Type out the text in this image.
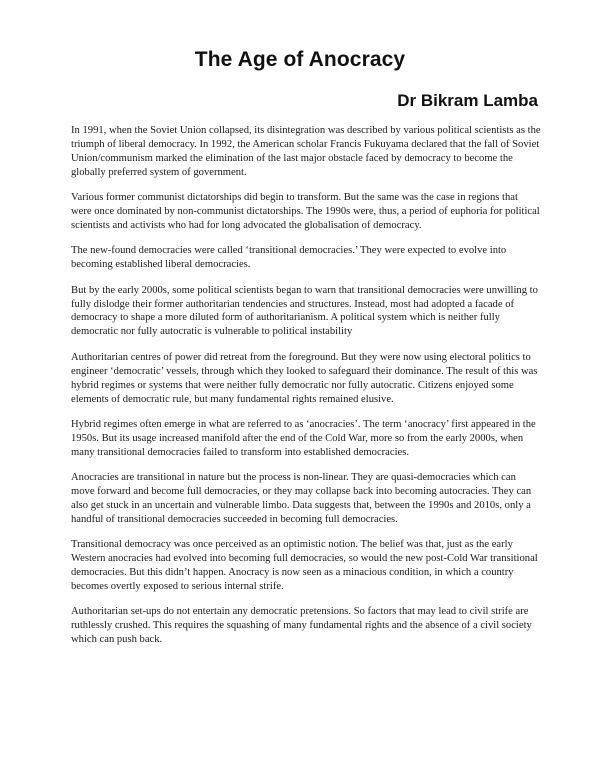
The Age of Anocracy
Dr Bikram Lamba

In 1991, when the Soviet Union collapsed, its disintegration was described by various political scientists as the triumph of liberal democracy. In 1992, the American scholar Francis Fukuyama declared that the fall of Soviet Union/communism marked the elimination of the last major obstacle faced by democracy to become the globally preferred system of government.

Various former communist dictatorships did begin to transform. But the same was the case in regions that were once dominated by non-communist dictatorships. The 1990s were, thus, a period of euphoria for political scientists and activists who had for long advocated the globalisation of democracy.

The new-found democracies were called ‘transitional democracies.’ They were expected to evolve into becoming established liberal democracies.

But by the early 2000s, some political scientists began to warn that transitional democracies were unwilling to fully dislodge their former authoritarian tendencies and structures. Instead, most had adopted a facade of democracy to shape a more diluted form of authoritarianism. A political system which is neither fully democratic nor fully autocratic is vulnerable to political instability

Authoritarian centres of power did retreat from the foreground. But they were now using electoral politics to engineer ‘democratic’ vessels, through which they looked to safeguard their dominance. The result of this was hybrid regimes or systems that were neither fully democratic nor fully autocratic. Citizens enjoyed some elements of democratic rule, but many fundamental rights remained elusive.

Hybrid regimes often emerge in what are referred to as ‘anocracies’. The term ‘anocracy’ first appeared in the 1950s. But its usage increased manifold after the end of the Cold War, more so from the early 2000s, when many transitional democracies failed to transform into established democracies.

Anocracies are transitional in nature but the process is non-linear. They are quasi-democracies which can move forward and become full democracies, or they may collapse back into becoming autocracies. They can also get stuck in an uncertain and vulnerable limbo. Data suggests that, between the 1990s and 2010s, only a handful of transitional democracies succeeded in becoming full democracies.

Transitional democracy was once perceived as an optimistic notion. The belief was that, just as the early Western anocracies had evolved into becoming full democracies, so would the new post-Cold War transitional democracies. But this didn’t happen. Anocracy is now seen as a minacious condition, in which a country becomes overtly exposed to serious internal strife.

Authoritarian set-ups do not entertain any democratic pretensions. So factors that may lead to civil strife are ruthlessly crushed. This requires the squashing of many fundamental rights and the absence of a civil society which can push back.
